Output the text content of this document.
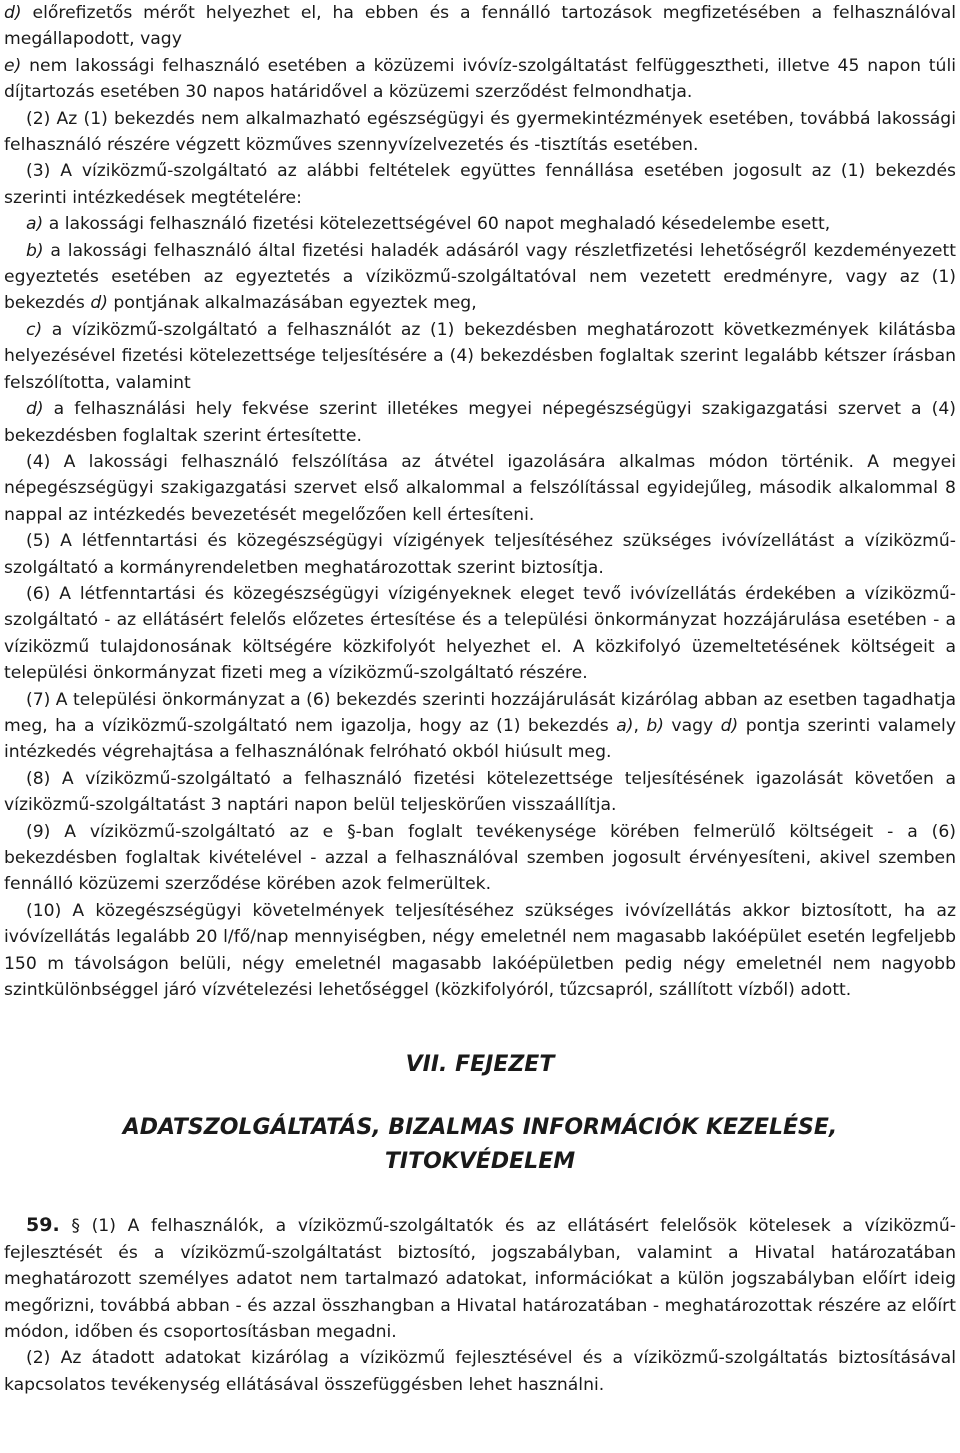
d) előrefizetős mérőt helyezhet el, ha ebben és a fennálló tartozások megfizetésében a felhasználóval megállapodott, vagy

e) nem lakossági felhasználó esetében a közüzemi ivóvíz-szolgáltatást felfüggesztheti, illetve 45 napon túli díjtartozás esetében 30 napos határidővel a közüzemi szerződést felmondhatja.

(2) Az (1) bekezdés nem alkalmazható egészségügyi és gyermekintézmények esetében, továbbá lakossági felhasználó részére végzett közműves szennyvízelvezetés és -tisztítás esetében.

(3) A víziközmű-szolgáltató az alábbi feltételek együttes fennállása esetében jogosult az (1) bekezdés szerinti intézkedések megtételére:

a) a lakossági felhasználó fizetési kötelezettségével 60 napot meghaladó késedelembe esett,

b) a lakossági felhasználó által fizetési haladék adásáról vagy részletfizetési lehetőségről kezdeményezett egyeztetés esetében az egyeztetés a víziközmű-szolgáltatóval nem vezetett eredményre, vagy az (1) bekezdés d) pontjának alkalmazásában egyeztek meg,

c) a víziközmű-szolgáltató a felhasználót az (1) bekezdésben meghatározott következmények kilátásba helyezésével fizetési kötelezettsége teljesítésére a (4) bekezdésben foglaltak szerint legalább kétszer írásban felszólította, valamint

d) a felhasználási hely fekvése szerint illetékes megyei népegészségügyi szakigazgatási szervet a (4) bekezdésben foglaltak szerint értesítette.

(4) A lakossági felhasználó felszólítása az átvétel igazolására alkalmas módon történik. A megyei népegészségügyi szakigazgatási szervet első alkalommal a felszólítással egyidejűleg, második alkalommal 8 nappal az intézkedés bevezetését megelőzően kell értesíteni.

(5) A létfenntartási és közegészségügyi vízigények teljesítéséhez szükséges ivóvízellátást a víziközmű-szolgáltató a kormányrendeletben meghatározottak szerint biztosítja.

(6) A létfenntartási és közegészségügyi vízigényeknek eleget tevő ivóvízellátás érdekében a víziközmű-szolgáltató - az ellátásért felelős előzetes értesítése és a települési önkormányzat hozzájárulása esetében - a víziközmű tulajdonosának költségére közkifolyót helyezhet el. A közkifolyó üzemeltetésének költségeit a települési önkormányzat fizeti meg a víziközmű-szolgáltató részére.

(7) A települési önkormányzat a (6) bekezdés szerinti hozzájárulását kizárólag abban az esetben tagadhatja meg, ha a víziközmű-szolgáltató nem igazolja, hogy az (1) bekezdés a), b) vagy d) pontja szerinti valamely intézkedés végrehajtása a felhasználónak felróható okból hiúsult meg.

(8) A víziközmű-szolgáltató a felhasználó fizetési kötelezettsége teljesítésének igazolását követően a víziközmű-szolgáltatást 3 naptári napon belül teljeskörűen visszaállítja.

(9) A víziközmű-szolgáltató az e §-ban foglalt tevékenysége körében felmerülő költségeit - a (6) bekezdésben foglaltak kivételével - azzal a felhasználóval szemben jogosult érvényesíteni, akivel szemben fennálló közüzemi szerződése körében azok felmerültek.

(10) A közegészségügyi követelmények teljesítéséhez szükséges ivóvízellátás akkor biztosított, ha az ivóvízellátás legalább 20 l/fő/nap mennyiségben, négy emeletnél nem magasabb lakóépület esetén legfeljebb 150 m távolságon belüli, négy emeletnél magasabb lakóépületben pedig négy emeletnél nem nagyobb szintkülönbséggel járó vízvételezési lehetőséggel (közkifolyóról, tűzcsapról, szállított vízből) adott.

VII. FEJEZET
ADATSZOLGÁLTATÁS, BIZALMAS INFORMÁCIÓK KEZELÉSE,
TITOKVÉDELEM

59. § (1) A felhasználók, a víziközmű-szolgáltatók és az ellátásért felelősök kötelesek a víziközmű-fejlesztését és a víziközmű-szolgáltatást biztosító, jogszabályban, valamint a Hivatal határozatában meghatározott személyes adatot nem tartalmazó adatokat, információkat a külön jogszabályban előírt ideig megőrizni, továbbá abban - és azzal összhangban a Hivatal határozatában - meghatározottak részére az előírt módon, időben és csoportosításban megadni.

(2) Az átadott adatokat kizárólag a víziközmű fejlesztésével és a víziközmű-szolgáltatás biztosításával kapcsolatos tevékenység ellátásával összefüggésben lehet használni.
